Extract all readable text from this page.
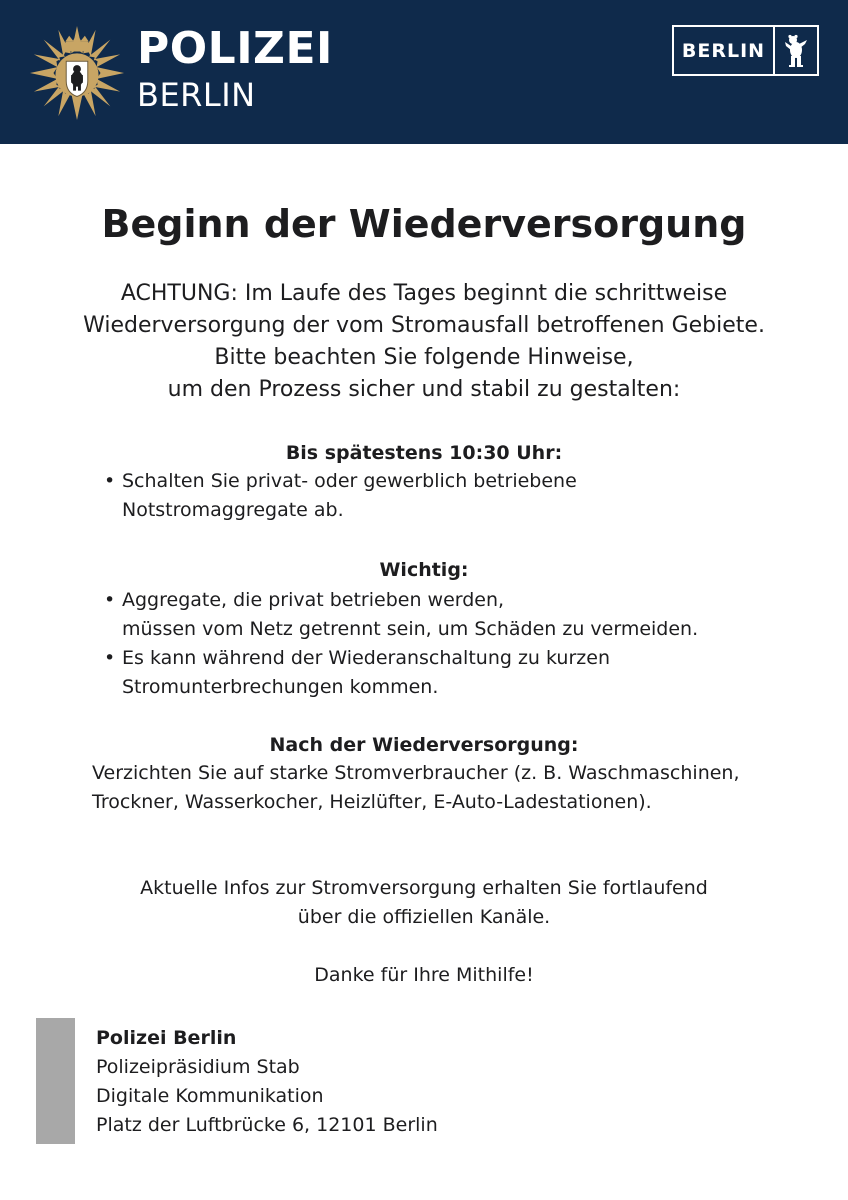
POLIZEI
BERLIN
BERLIN
Beginn der Wiederversorgung
ACHTUNG: Im Laufe des Tages beginnt die schrittweise
Wiederversorgung der vom Stromausfall betroffenen Gebiete.
Bitte beachten Sie folgende Hinweise,
um den Prozess sicher und stabil zu gestalten:
Bis spätestens 10:30 Uhr:
• Schalten Sie privat- oder gewerblich betriebene
Notstromaggregate ab.
Wichtig:
• Aggregate, die privat betrieben werden,
müssen vom Netz getrennt sein, um Schäden zu vermeiden.
• Es kann während der Wiederanschaltung zu kurzen
Stromunterbrechungen kommen.
Nach der Wiederversorgung:
Verzichten Sie auf starke Stromverbraucher (z. B. Waschmaschinen,
Trockner, Wasserkocher, Heizlüfter, E-Auto-Ladestationen).
Aktuelle Infos zur Stromversorgung erhalten Sie fortlaufend
über die offiziellen Kanäle.
Danke für Ihre Mithilfe!
Polizei Berlin
Polizeipräsidium Stab
Digitale Kommunikation
Platz der Luftbrücke 6, 12101 Berlin
